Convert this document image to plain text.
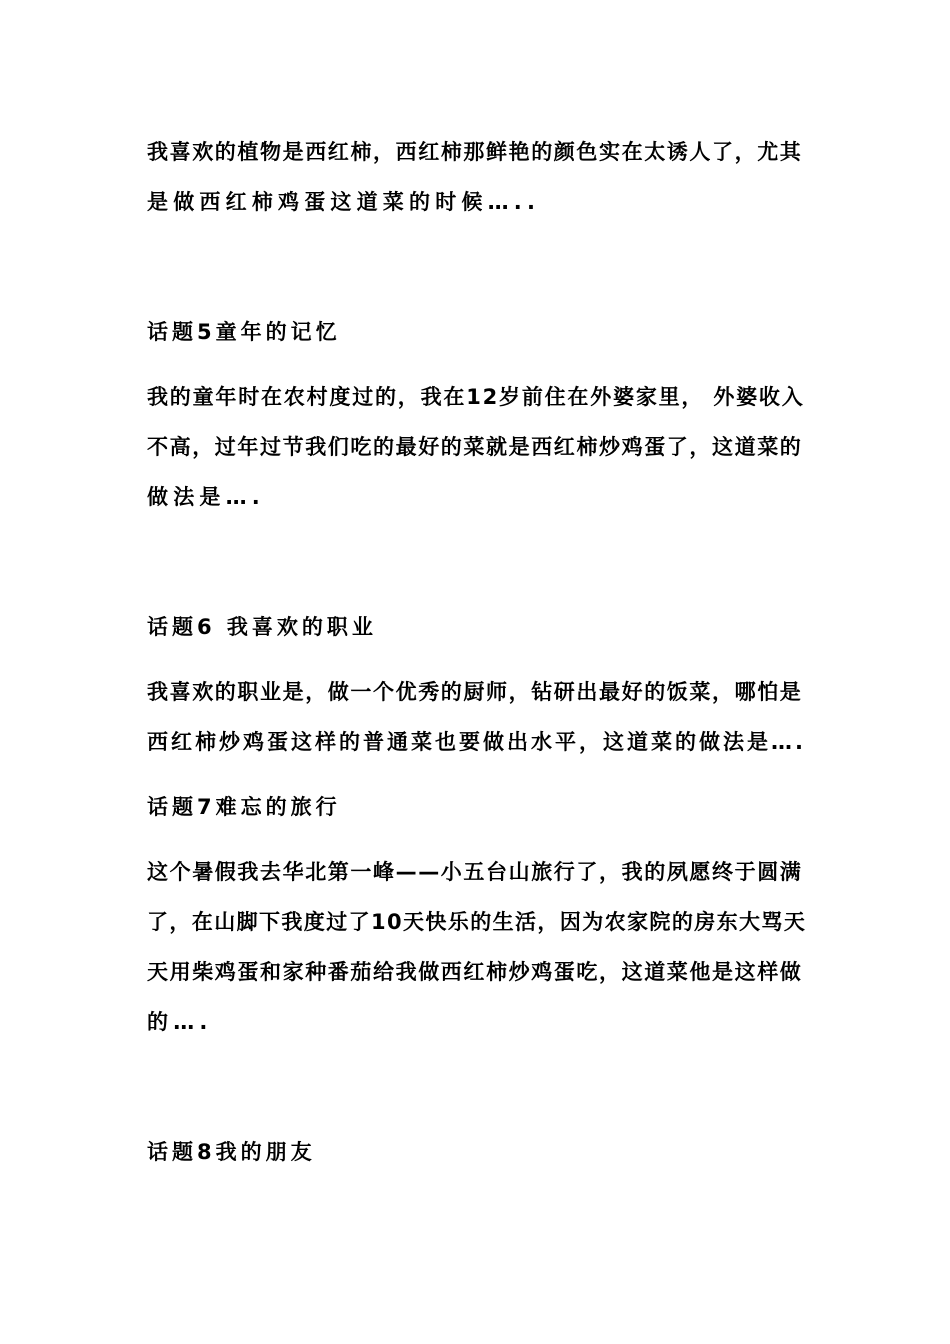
我喜欢的植物是西红柿，西红柿那鲜艳的颜色实在太诱人了，尤其
是做西红柿鸡蛋这道菜的时候…..
话题5童年的记忆
我的童年时在农村度过的，我在12岁前住在外婆家里， 外婆收入
不高，过年过节我们吃的最好的菜就是西红柿炒鸡蛋了，这道菜的
做法是….
话题6 我喜欢的职业
我喜欢的职业是，做一个优秀的厨师，钻研出最好的饭菜，哪怕是
西红柿炒鸡蛋这样的普通菜也要做出水平，这道菜的做法是….
话题7难忘的旅行
这个暑假我去华北第一峰——小五台山旅行了，我的夙愿终于圆满
了，在山脚下我度过了10天快乐的生活，因为农家院的房东大骂天
天用柴鸡蛋和家种番茄给我做西红柿炒鸡蛋吃，这道菜他是这样做
的….
话题8我的朋友
